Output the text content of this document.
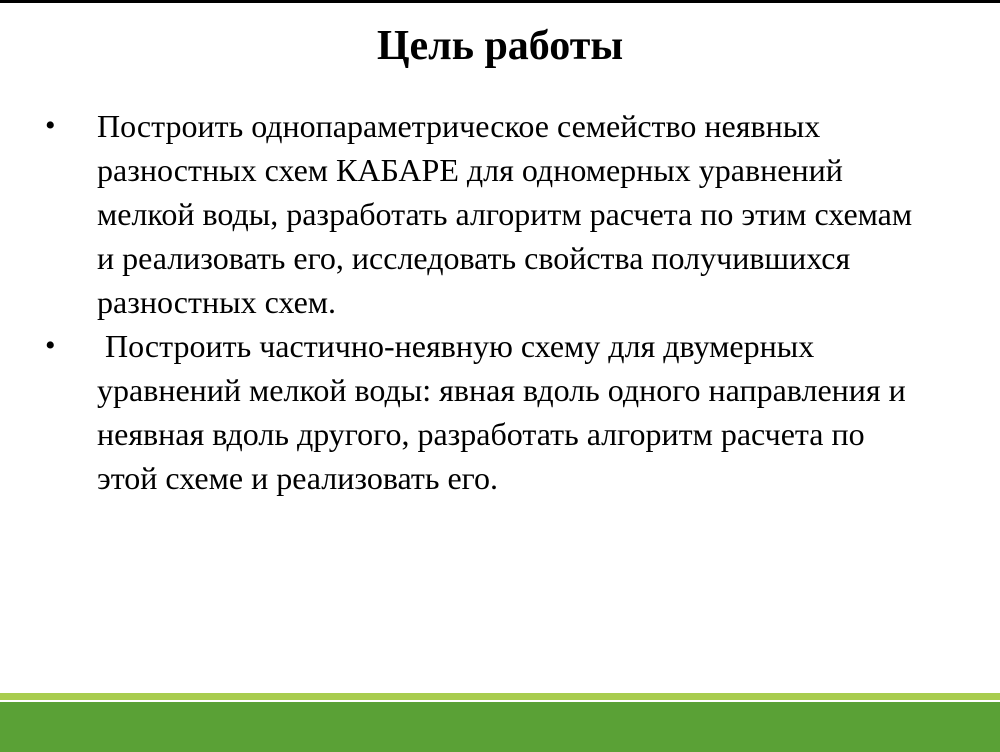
Цель работы
•	Построить однопараметрическое семейство неявных разностных схем КАБАРЕ для одномерных уравнений мелкой воды, разработать алгоритм расчета по этим схемам и реализовать его, исследовать свойства получившихся разностных схем.
•	Построить частично-неявную схему для двумерных уравнений мелкой воды: явная вдоль одного направления и неявная вдоль другого, разработать алгоритм расчета по этой схеме и реализовать его.
